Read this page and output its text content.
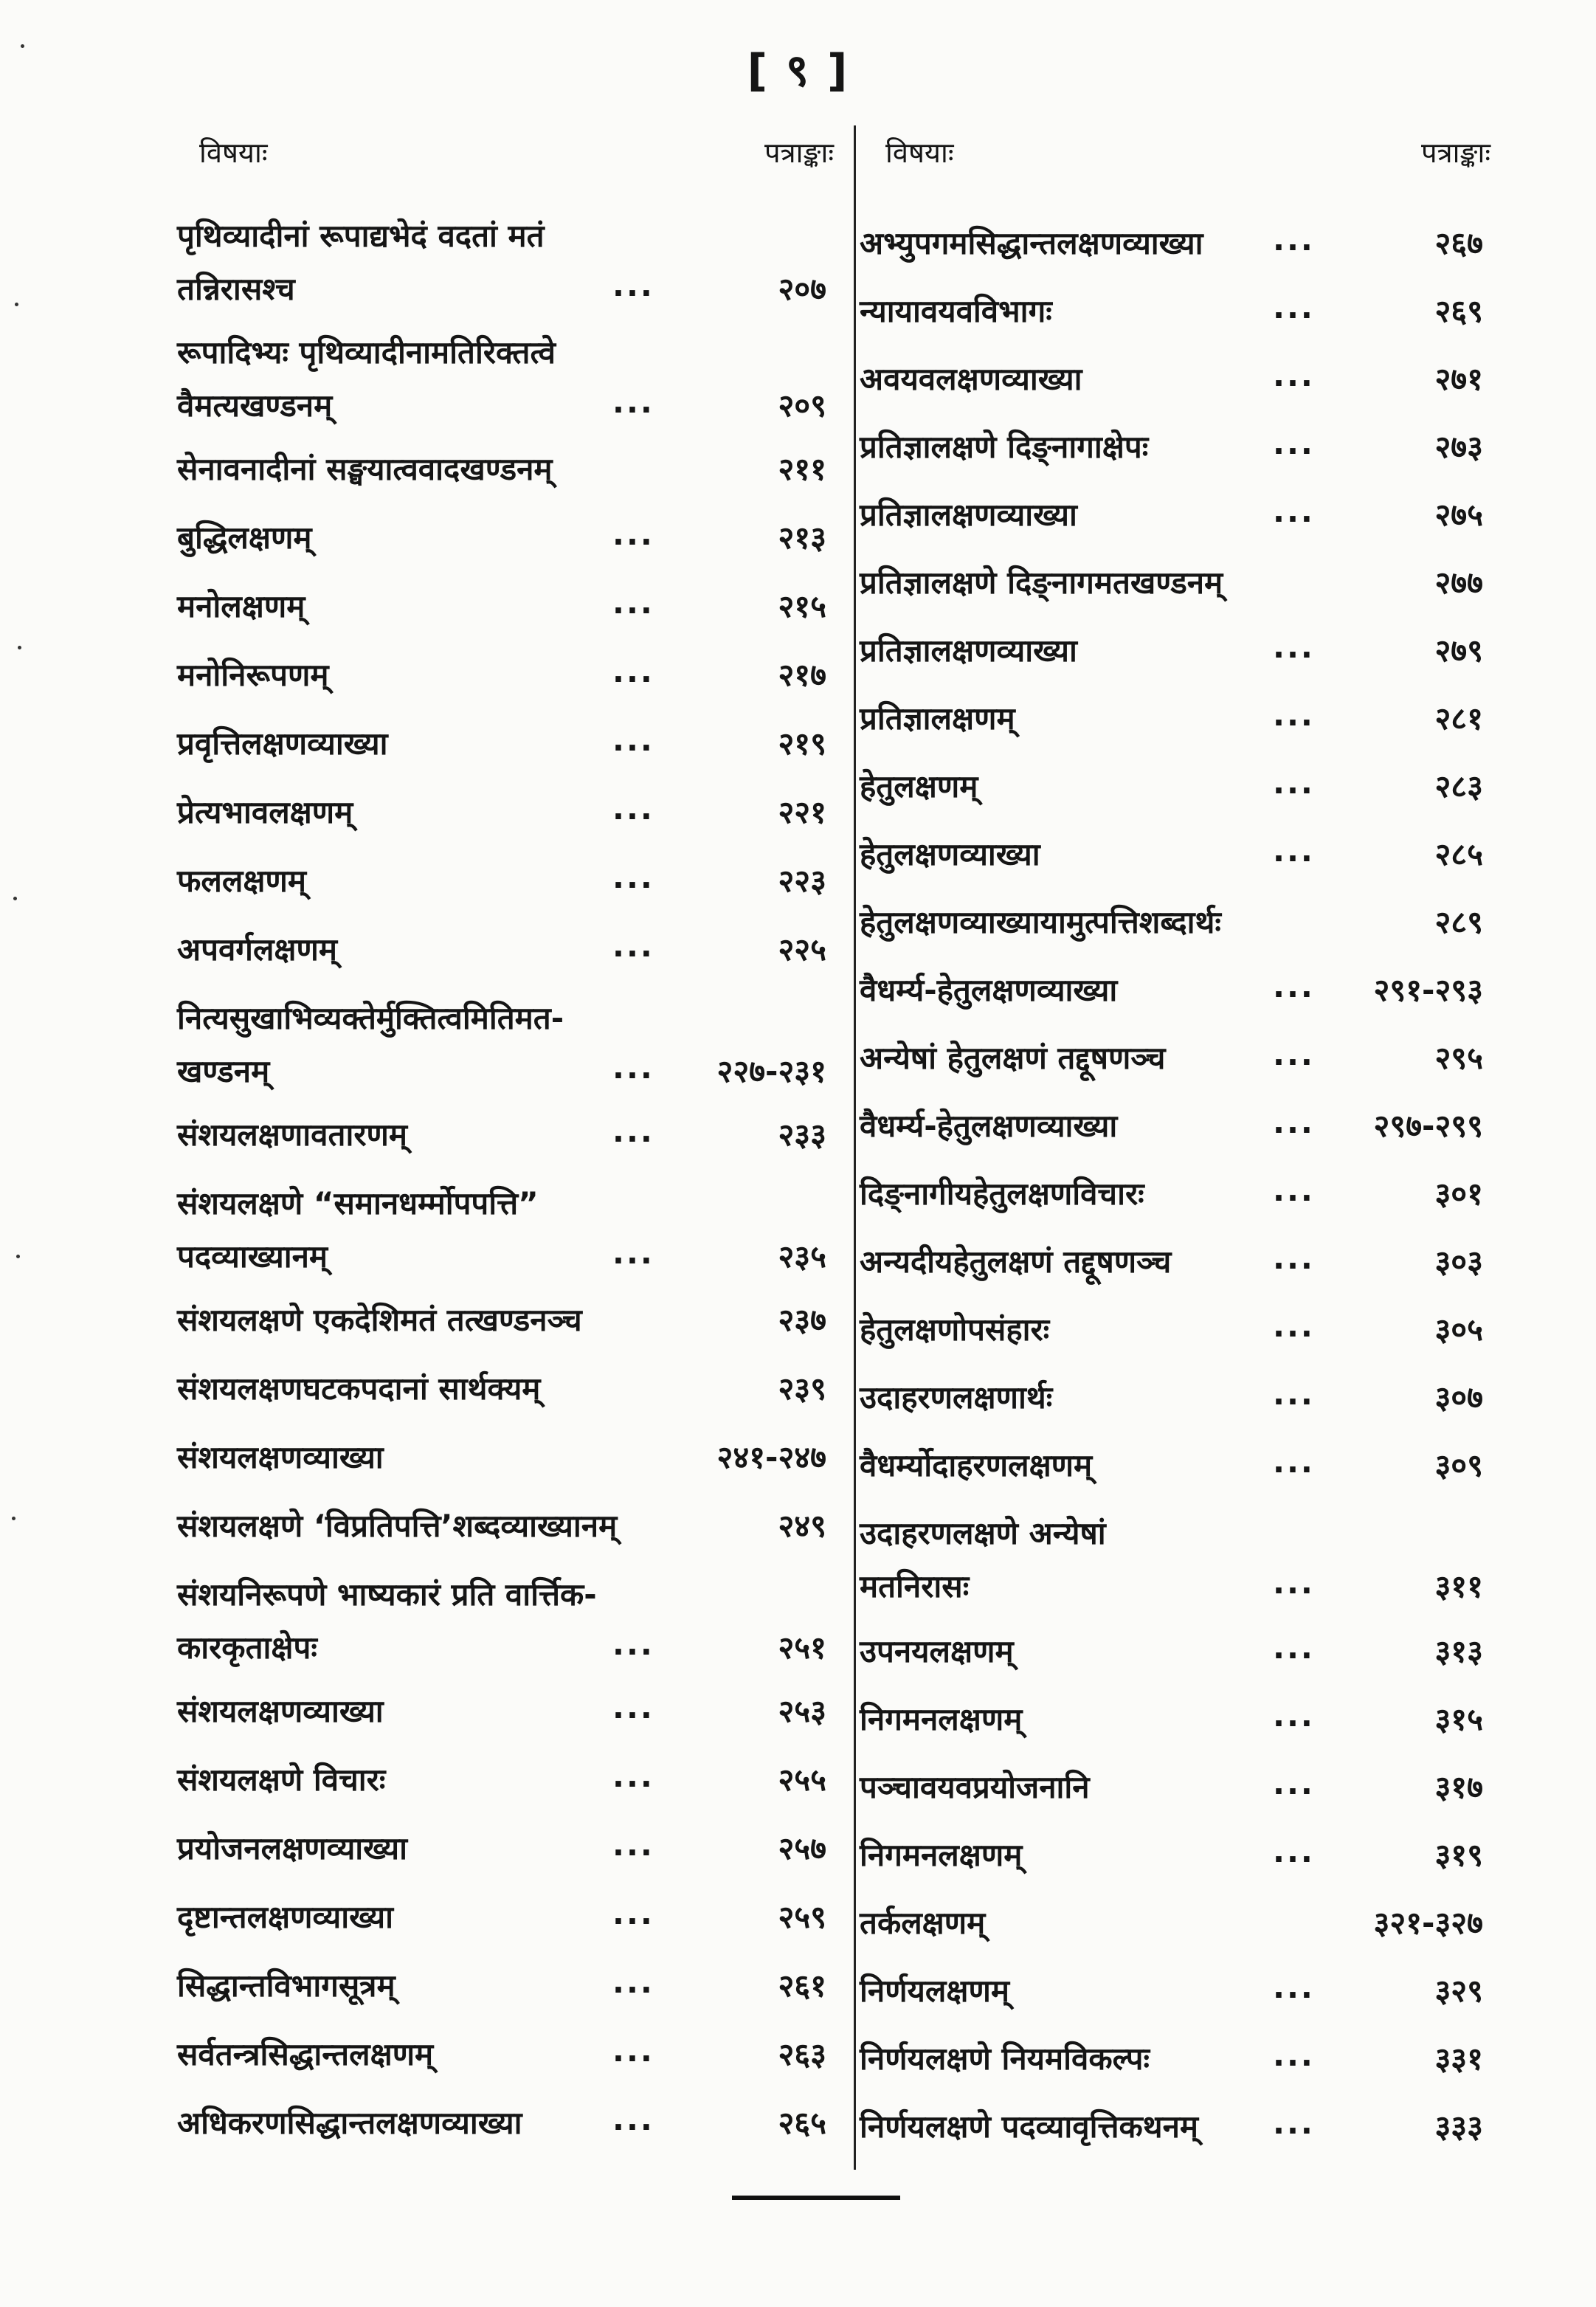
[ ९ ]
विषयाः	पत्राङ्काः
पृथिव्यादीनां रूपाद्यभेदं वदतां मतं
तन्निरासश्च	...	२०७
रूपादिभ्यः पृथिव्यादीनामतिरिक्तत्वे
वैमत्यखण्डनम्	...	२०९
सेनावनादीनां सङ्घयात्ववादखण्डनम्	२११
बुद्धिलक्षणम्	...	२१३
मनोलक्षणम्	...	२१५
मनोनिरूपणम्	...	२१७
प्रवृत्तिलक्षणव्याख्या	...	२१९
प्रेत्यभावलक्षणम्	...	२२१
फललक्षणम्	...	२२३
अपवर्गलक्षणम्	...	२२५
नित्यसुखाभिव्यक्तेर्मुक्तित्वमितिमत-
खण्डनम्	... २२७-२३१
संशयलक्षणावतारणम्	...	२३३
संशयलक्षणे “समानधर्म्मोपपत्ति”
पदव्याख्यानम्	...	२३५
संशयलक्षणे एकदेशिमतं तत्खण्डनञ्च	२३७
संशयलक्षणघटकपदानां सार्थक्यम्	२३९
संशयलक्षणव्याख्या	२४१-२४७
संशयलक्षणे ‘विप्रतिपत्ति’शब्दव्याख्यानम्	२४९
संशयनिरूपणे भाष्यकारं प्रति वार्त्तिक-
कारकृताक्षेपः	...	२५१
संशयलक्षणव्याख्या	...	२५३
संशयलक्षणे विचारः	...	२५५
प्रयोजनलक्षणव्याख्या	...	२५७
दृष्टान्तलक्षणव्याख्या	...	२५९
सिद्धान्तविभागसूत्रम्	...	२६१
सर्वतन्त्रसिद्धान्तलक्षणम्	...	२६३
अधिकरणसिद्धान्तलक्षणव्याख्या	...	२६५
विषयाः	पत्राङ्काः
अभ्युपगमसिद्धान्तलक्षणव्याख्या ...	२६७
न्यायावयवविभागः	...	२६९
अवयवलक्षणव्याख्या	...	२७१
प्रतिज्ञालक्षणे दिङ्नागाक्षेपः	...	२७३
प्रतिज्ञालक्षणव्याख्या	...	२७५
प्रतिज्ञालक्षणे दिङ्नागमतखण्डनम्	२७७
प्रतिज्ञालक्षणव्याख्या	...	२७९
प्रतिज्ञालक्षणम्	...	२८१
हेतुलक्षणम्	...	२८३
हेतुलक्षणव्याख्या	...	२८५
हेतुलक्षणव्याख्यायामुत्पत्तिशब्दार्थः	२८९
वैधर्म्य-हेतुलक्षणव्याख्या	... २९१-२९३
अन्येषां हेतुलक्षणं तद्दूषणञ्च	...	२९५
वैधर्म्य-हेतुलक्षणव्याख्या	... २९७-२९९
दिङ्नागीयहेतुलक्षणविचारः	...	३०१
अन्यदीयहेतुलक्षणं तद्दूषणञ्च	...	३०३
हेतुलक्षणोपसंहारः	...	३०५
उदाहरणलक्षणार्थः	...	३०७
वैधर्म्योदाहरणलक्षणम्	...	३०९
उदाहरणलक्षणे अन्येषां
मतनिरासः	...	३११
उपनयलक्षणम्	...	३१३
निगमनलक्षणम्	...	३१५
पञ्चावयवप्रयोजनानि	...	३१७
निगमनलक्षणम्	...	३१९
तर्कलक्षणम्	३२१-३२७
निर्णयलक्षणम्	...	३२९
निर्णयलक्षणे नियमविकल्पः	...	३३१
निर्णयलक्षणे पदव्यावृत्तिकथनम् ...	३३३
